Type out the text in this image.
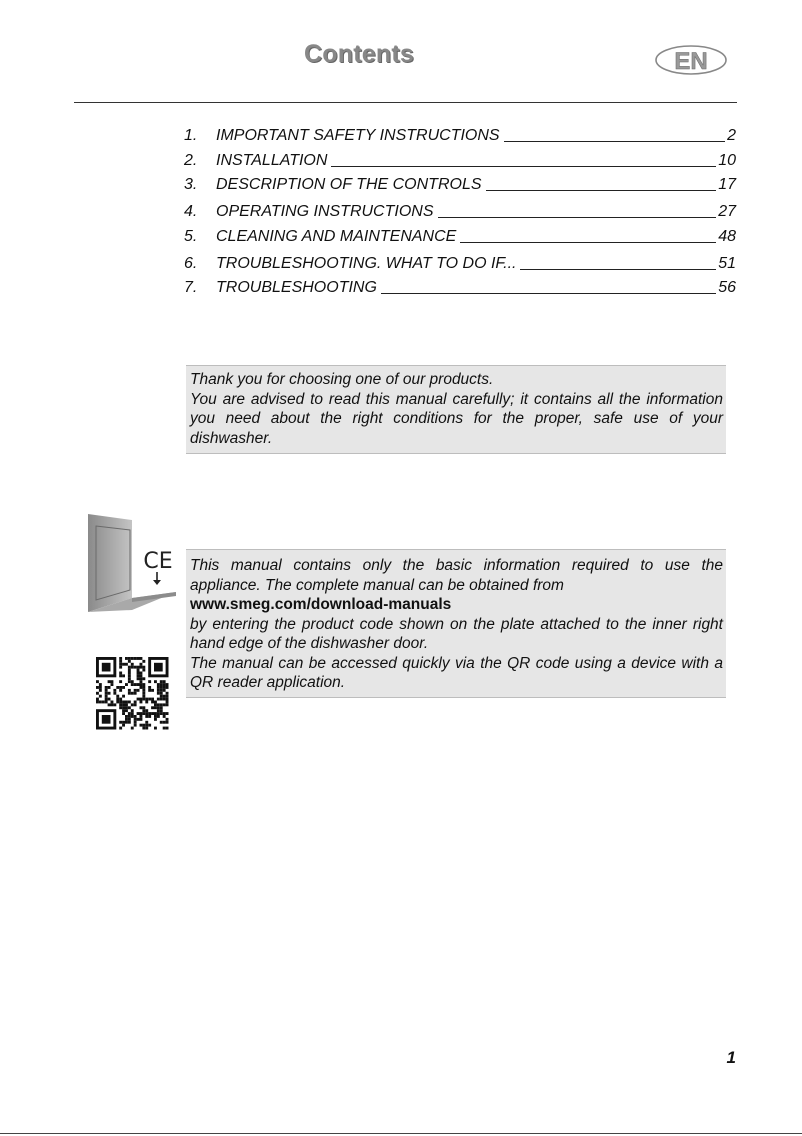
Contents	EN
1.	IMPORTANT SAFETY INSTRUCTIONS	2
2.	INSTALLATION	10
3.	DESCRIPTION OF THE CONTROLS	17
4.	OPERATING INSTRUCTIONS	27
5.	CLEANING AND MAINTENANCE	48
6.	TROUBLESHOOTING. WHAT TO DO IF...	51
7.	TROUBLESHOOTING	56

Thank you for choosing one of our products.

You are advised to read this manual carefully; it contains all the information you need about the right conditions for the proper, safe use of your dishwasher.

CE This manual contains only the basic information required to use the appliance. The complete manual can be obtained from

www.smeg.com/download-manuals

by entering the product code shown on the plate attached to the inner right hand edge of the dishwasher door.

The manual can be accessed quickly via the QR code using a device with a QR reader application.

1
